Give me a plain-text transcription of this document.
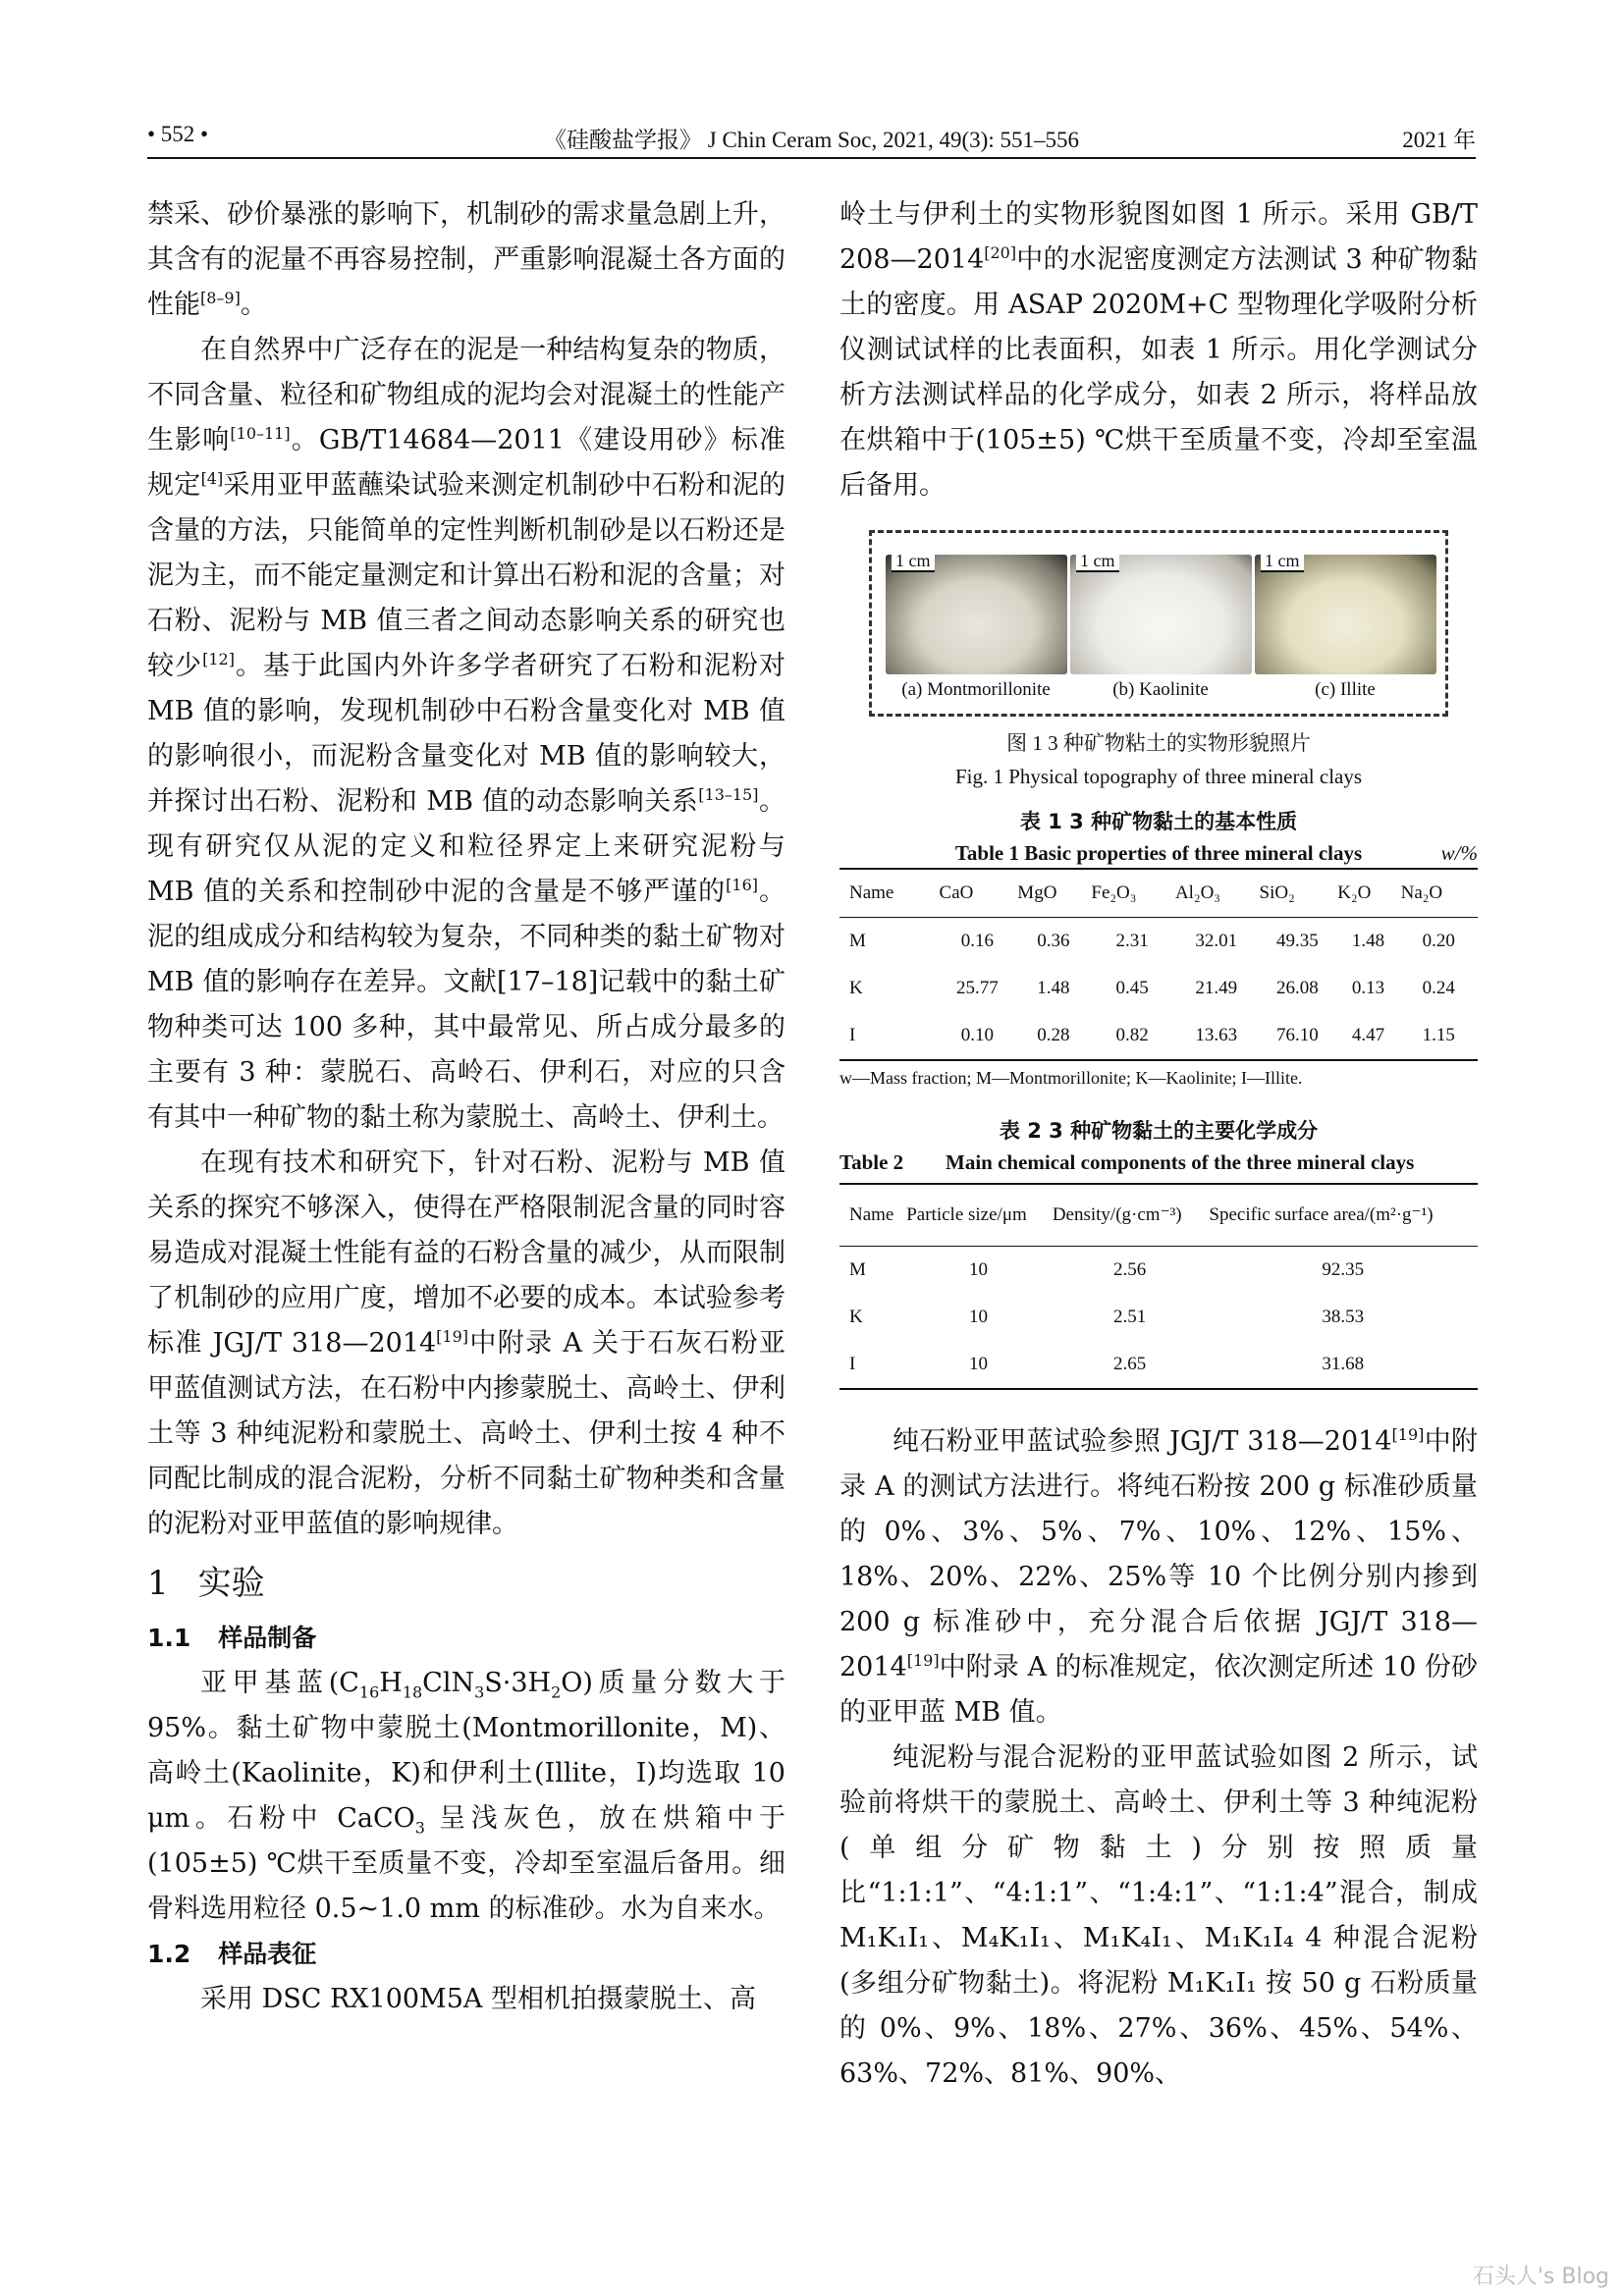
• 552 •	《硅酸盐学报》 J Chin Ceram Soc, 2021, 49(3): 551–556	2021 年

禁采、砂价暴涨的影响下，机制砂的需求量急剧上升，其含有的泥量不再容易控制，严重影响混凝土各方面的性能[8–9]。

在自然界中广泛存在的泥是一种结构复杂的物质，不同含量、粒径和矿物组成的泥均会对混凝土的性能产生影响[10–11]。GB/T14684—2011《建设用砂》标准规定[4]采用亚甲蓝蘸染试验来测定机制砂中石粉和泥的含量的方法，只能简单的定性判断机制砂是以石粉还是泥为主，而不能定量测定和计算出石粉和泥的含量；对石粉、泥粉与 MB 值三者之间动态影响关系的研究也较少[12]。基于此国内外许多学者研究了石粉和泥粉对 MB 值的影响，发现机制砂中石粉含量变化对 MB 值的影响很小，而泥粉含量变化对 MB 值的影响较大，并探讨出石粉、泥粉和 MB 值的动态影响关系[13–15]。现有研究仅从泥的定义和粒径界定上来研究泥粉与 MB 值的关系和控制砂中泥的含量是不够严谨的[16]。泥的组成成分和结构较为复杂，不同种类的黏土矿物对 MB 值的影响存在差异。文献[17–18]记载中的黏土矿物种类可达 100 多种，其中最常见、所占成分最多的主要有 3 种：蒙脱石、高岭石、伊利石，对应的只含有其中一种矿物的黏土称为蒙脱土、高岭土、伊利土。

在现有技术和研究下，针对石粉、泥粉与 MB 值关系的探究不够深入，使得在严格限制泥含量的同时容易造成对混凝土性能有益的石粉含量的减少，从而限制了机制砂的应用广度，增加不必要的成本。本试验参考标准 JGJ/T 318—2014[19]中附录 A 关于石灰石粉亚甲蓝值测试方法，在石粉中内掺蒙脱土、高岭土、伊利土等 3 种纯泥粉和蒙脱土、高岭土、伊利土按 4 种不同配比制成的混合泥粉，分析不同黏土矿物种类和含量的泥粉对亚甲蓝值的影响规律。

1 实验
1.1 样品制备

亚甲基蓝$(C_{16}H_{18}ClN_3S\cdot 3H_2O)$质量分数大于 95%。黏土矿物中蒙脱土(Montmorillonite，M)、高岭土(Kaolinite，K)和伊利土(Illite，I)均选取 10 μm。石粉中 CaCO$_3$ 呈浅灰色，放在烘箱中于(105±5) ℃烘干至质量不变，冷却至室温后备用。细骨料选用粒径 0.5~1.0 mm 的标准砂。水为自来水。

1.2 样品表征

采用 DSC RX100M5A 型相机拍摄蒙脱土、高

岭土与伊利土的实物形貌图如图 1 所示。采用 GB/T 208—2014[20]中的水泥密度测定方法测试 3 种矿物黏土的密度。用 ASAP 2020M+C 型物理化学吸附分析仪测试试样的比表面积，如表 1 所示。用化学测试分析方法测试样品的化学成分，如表 2 所示，将样品放在烘箱中于(105±5) ℃烘干至质量不变，冷却至室温后备用。

1 cm	1 cm	1 cm
(a) Montmorillonite	(b) Kaolinite	(c) Illite
图 1 3 种矿物粘土的实物形貌照片
Fig. 1 Physical topography of three mineral clays
表 1 3 种矿物黏土的基本性质
Table 1 Basic properties of three mineral clays	w/%
Name	CaO	MgO	Fe₂O₃	Al₂O₃	SiO₂	K₂O	Na₂O
M	0.16	0.36	2.31	32.01	49.35	1.48	0.20
K	25.77	1.48	0.45	21.49	26.08	0.13	0.24
I	0.10	0.28	0.82	13.63	76.10	4.47	1.15
w—Mass fraction; M—Montmorillonite; K—Kaolinite; I—Illite.
表 2 3 种矿物黏土的主要化学成分
Table 2	Main chemical components of the three mineral clays
Name	Particle size/μm	Density/(g·cm⁻³)	Specific surface area/(m²·g⁻¹)
M	10	2.56	92.35
K	10	2.51	38.53
I	10	2.65	31.68

纯石粉亚甲蓝试验参照 JGJ/T 318—2014[19]中附录 A 的测试方法进行。将纯石粉按 200 g 标准砂质量的 0%、3%、5%、7%、10%、12%、15%、18%、20%、22%、25%等 10 个比例分别内掺到 200 g 标准砂中，充分混合后依据 JGJ/T 318—2014[19]中附录 A 的标准规定，依次测定所述 10 份砂的亚甲蓝 MB 值。

纯泥粉与混合泥粉的亚甲蓝试验如图 2 所示，试验前将烘干的蒙脱土、高岭土、伊利土等 3 种纯泥粉(单组分矿物黏土)分别按照质量比“1:1:1”、“4:1:1”、“1:4:1”、“1:1:4”混合，制成 M₁K₁I₁、M₄K₁I₁、M₁K₄I₁、M₁K₁I₄ 4 种混合泥粉(多组分矿物黏土)。将泥粉 M₁K₁I₁ 按 50 g 石粉质量的 0%、9%、18%、27%、36%、45%、54%、63%、72%、81%、90%、

石头人's Blog
